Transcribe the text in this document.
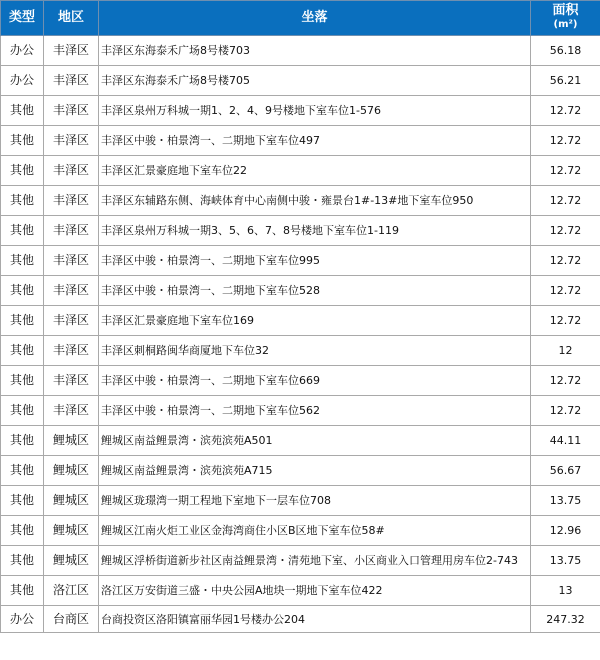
类型	地区	坐落	面积
(m²)

办公	丰泽区	丰泽区东海泰禾广场8号楼703	56.18
办公	丰泽区	丰泽区东海泰禾广场8号楼705	56.21
其他	丰泽区	丰泽区泉州万科城一期1、2、4、9号楼地下室车位1-576	12.72
其他	丰泽区	丰泽区中骏・柏景湾一、二期地下室车位497	12.72
其他	丰泽区	丰泽区汇景豪庭地下室车位22	12.72
其他	丰泽区	丰泽区东辅路东侧、海峡体育中心南侧中骏・雍景台1#-13#地下室车位950	12.72
其他	丰泽区	丰泽区泉州万科城一期3、5、6、7、8号楼地下室车位1-119	12.72
其他	丰泽区	丰泽区中骏・柏景湾一、二期地下室车位995	12.72
其他	丰泽区	丰泽区中骏・柏景湾一、二期地下室车位528	12.72
其他	丰泽区	丰泽区汇景豪庭地下室车位169	12.72
其他	丰泽区	丰泽区刺桐路闽华商厦地下车位32	12
其他	丰泽区	丰泽区中骏・柏景湾一、二期地下室车位669	12.72
其他	丰泽区	丰泽区中骏・柏景湾一、二期地下室车位562	12.72
其他	鲤城区	鲤城区南益鲤景湾・滨苑滨苑A501	44.11
其他	鲤城区	鲤城区南益鲤景湾・滨苑滨苑A715	56.67
其他	鲤城区	鲤城区珑璟湾一期工程地下室地下一层车位708	13.75
其他	鲤城区	鲤城区江南火炬工业区金海湾商住小区B区地下室车位58#	12.96
其他	鲤城区	鲤城区浮桥街道新步社区南益鲤景湾・清苑地下室、小区商业入口管理用房车位2-743	13.75
其他	洛江区	洛江区万安街道三盛・中央公园A地块一期地下室车位422	13
办公	台商区	台商投资区洛阳镇富丽华园1号楼办公204	247.32
